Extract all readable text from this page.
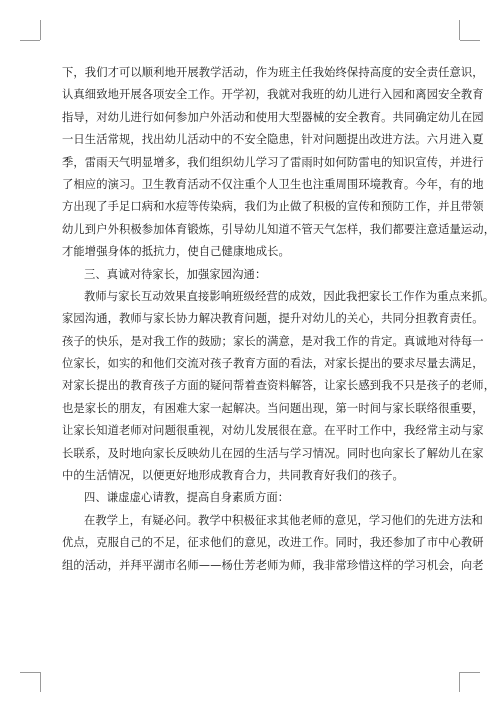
下，我们才可以顺利地开展教学活动，作为班主任我始终保持高度的安全责任意识，
认真细致地开展各项安全工作。开学初，我就对我班的幼儿进行入园和离园安全教育
指导，对幼儿进行如何参加户外活动和使用大型器械的安全教育。共同确定幼儿在园
一日生活常规，找出幼儿活动中的不安全隐患，针对问题提出改进方法。六月进入夏
季，雷雨天气明显增多，我们组织幼儿学习了雷雨时如何防雷电的知识宣传，并进行
了相应的演习。卫生教育活动不仅注重个人卫生也注重周围环境教育。今年，有的地
方出现了手足口病和水痘等传染病，我们为止做了积极的宣传和预防工作，并且带领
幼儿到户外积极参加体育锻炼，引导幼儿知道不管天气怎样，我们都要注意适量运动，
才能增强身体的抵抗力，使自己健康地成长。
三、真诚对待家长，加强家园沟通：
教师与家长互动效果直接影响班级经营的成效，因此我把家长工作作为重点来抓。
家园沟通，教师与家长协力解决教育问题，提升对幼儿的关心，共同分担教育责任。
孩子的快乐，是对我工作的鼓励；家长的满意，是对我工作的肯定。真诚地对待每一
位家长，如实的和他们交流对孩子教育方面的看法，对家长提出的要求尽量去满足，
对家长提出的教育孩子方面的疑问帮着查资料解答，让家长感到我不只是孩子的老师，
也是家长的朋友，有困难大家一起解决。当问题出现，第一时间与家长联络很重要，
让家长知道老师对问题很重视，对幼儿发展很在意。在平时工作中，我经常主动与家
长联系，及时地向家长反映幼儿在园的生活与学习情况。同时也向家长了解幼儿在家
中的生活情况，以便更好地形成教育合力，共同教育好我们的孩子。
四、谦虚虚心请教，提高自身素质方面：
在教学上，有疑必问。教学中积极征求其他老师的意见，学习他们的先进方法和
优点，克服自己的不足，征求他们的意见，改进工作。同时，我还参加了市中心教研
组的活动，并拜平湖市名师——杨仕芳老师为师，我非常珍惜这样的学习机会，向老
